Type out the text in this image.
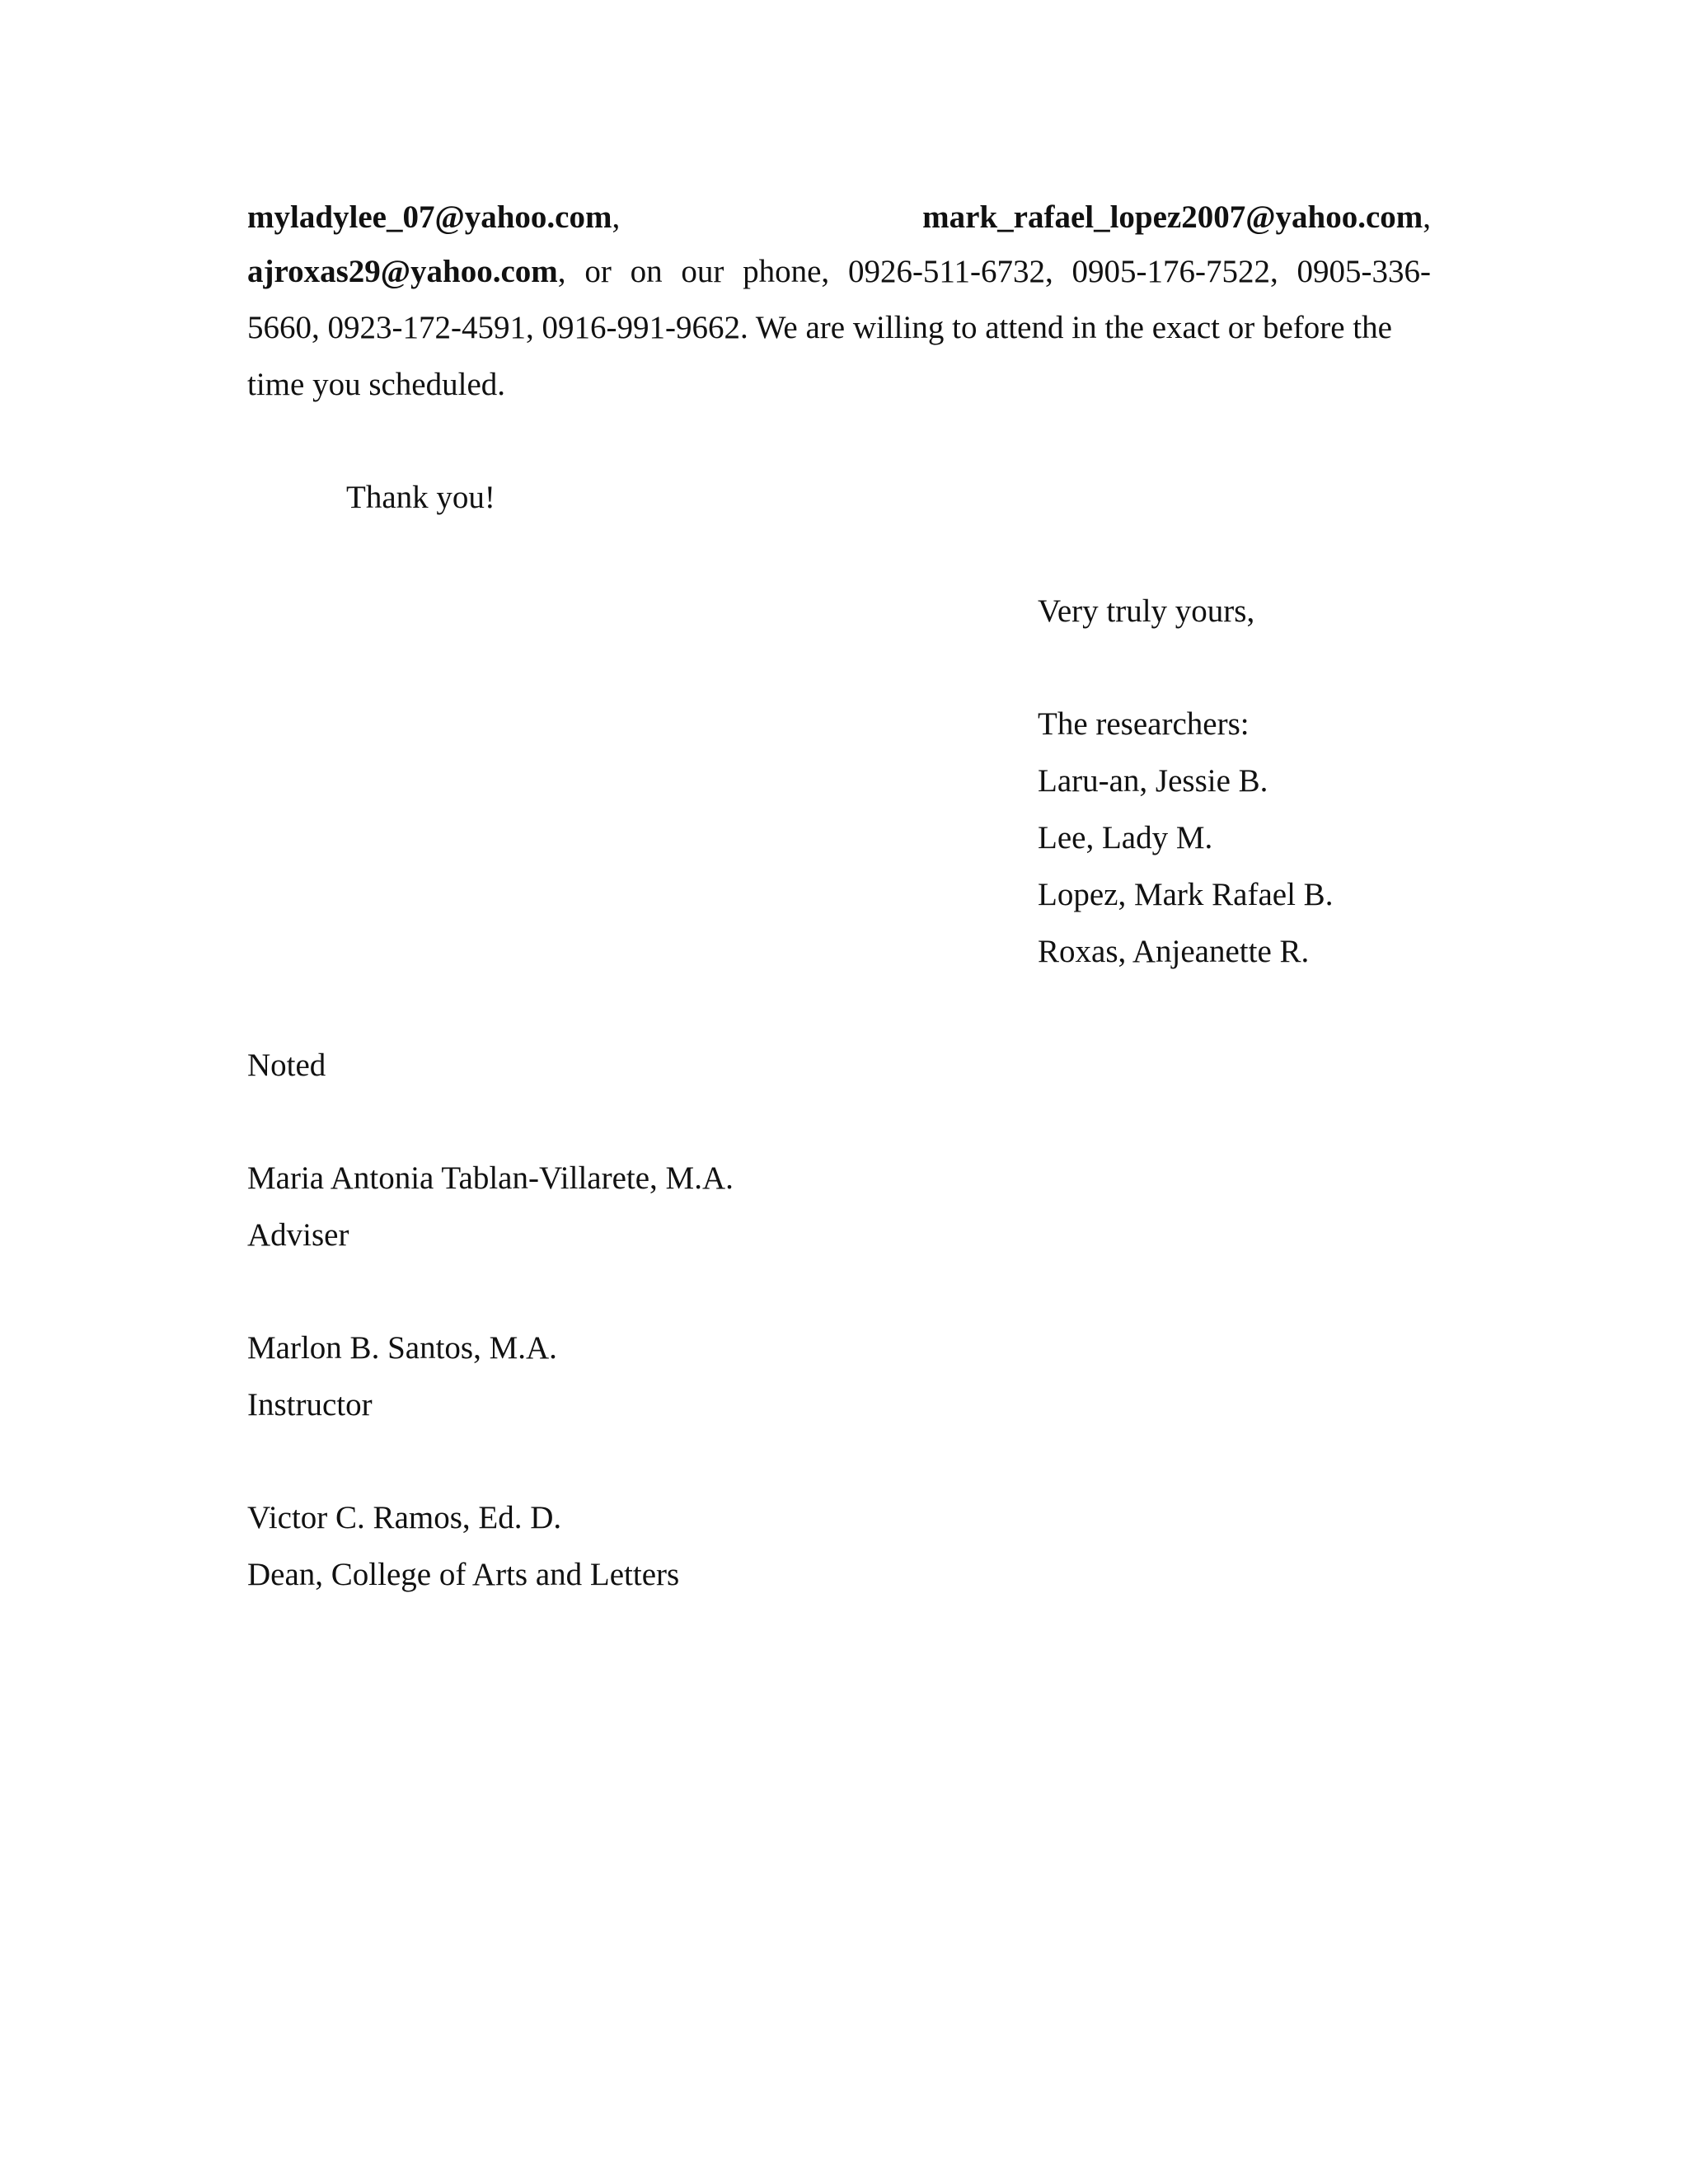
myladylee_07@yahoo.com,	mark_rafael_lopez2007@yahoo.com,

ajroxas29@yahoo.com, or on our phone, 0926-511-6732, 0905-176-7522, 0905-336-

5660, 0923-172-4591, 0916-991-9662. We are willing to attend in the exact or before the

time you scheduled.

Thank you!

Very truly yours,

The researchers:

Laru-an, Jessie B.

Lee, Lady M.

Lopez, Mark Rafael B.

Roxas, Anjeanette R.

Noted

Maria Antonia Tablan-Villarete, M.A.

Adviser

Marlon B. Santos, M.A.

Instructor

Victor C. Ramos, Ed. D.

Dean, College of Arts and Letters
